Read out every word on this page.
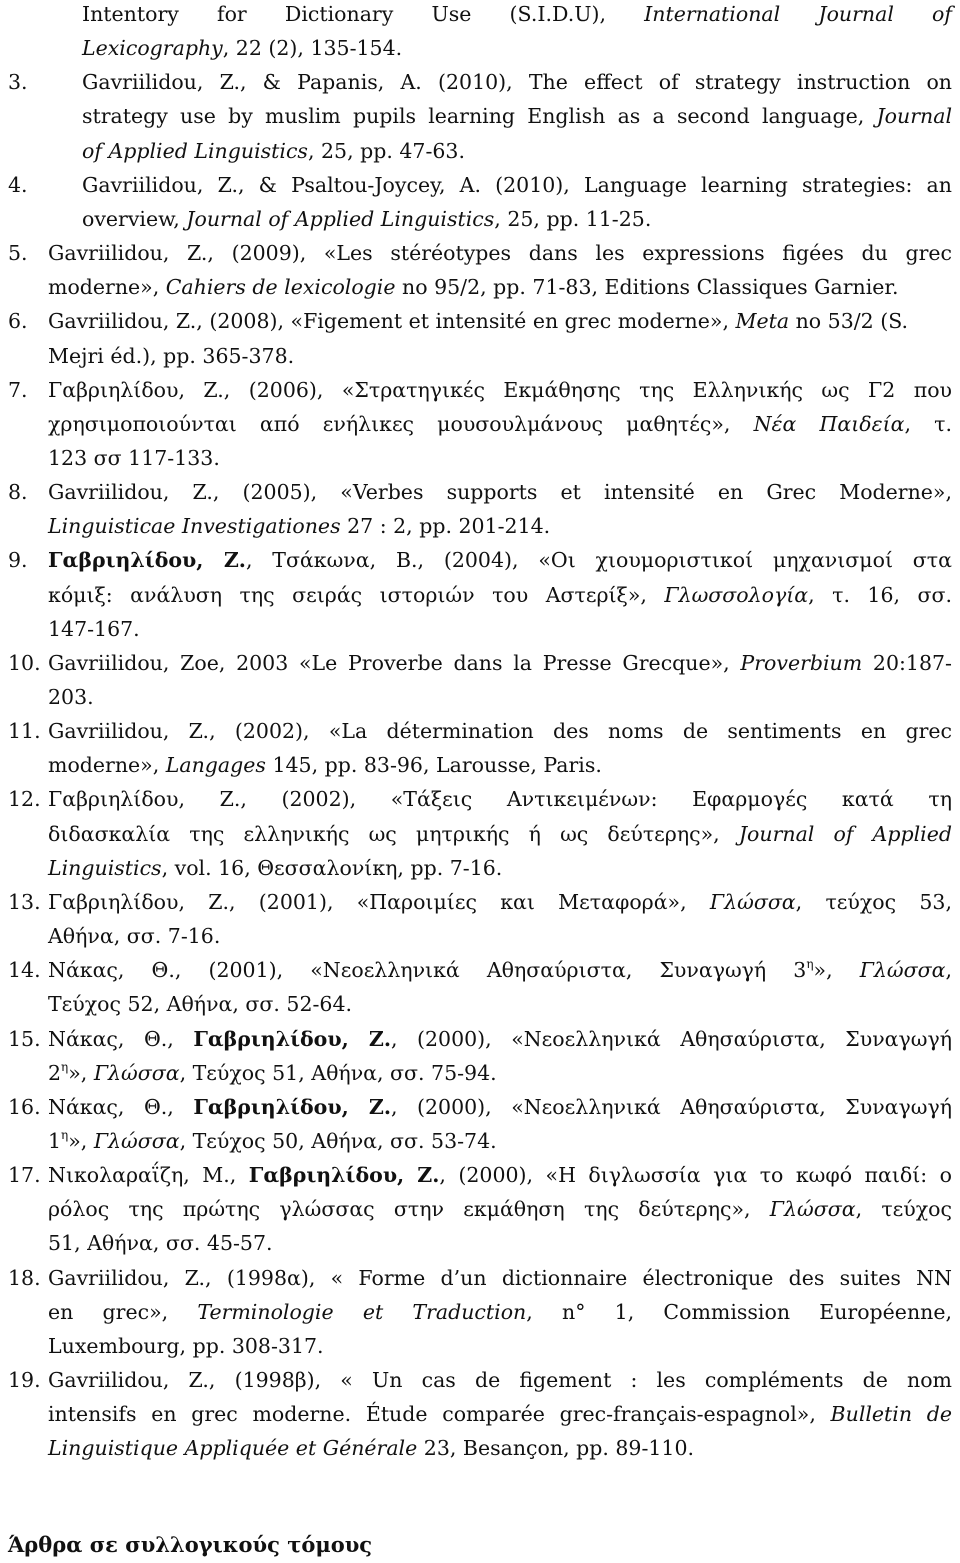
Intentory for Dictionary Use (S.I.D.U), International Journal of
Lexicography, 22 (2), 135-154.
3.	Gavriilidou, Z., & Papanis, A. (2010), The effect of strategy instruction on
strategy use by muslim pupils learning English as a second language, Journal
of Applied Linguistics, 25, pp. 47-63.
4.	Gavriilidou, Z., & Psaltou-Joycey, A. (2010), Language learning strategies: an
overview, Journal of Applied Linguistics, 25, pp. 11-25.
5. Gavriilidou, Z., (2009), «Les stéréotypes dans les expressions figées du grec
moderne», Cahiers de lexicologie no 95/2, pp. 71-83, Editions Classiques Garnier.
6. Gavriilidou, Z., (2008), «Figement et intensité en grec moderne», Meta no 53/2 (S.
Mejri éd.), pp. 365-378.
7. Γαβριηλίδου, Z., (2006), «Στρατηγικές Εκμάθησης της Ελληνικής ως Γ2 που
χρησιμοποιούνται από ενήλικες μουσουλμάνους μαθητές», Νέα Παιδεία, τ.
123 σσ 117-133.
8. Gavriilidou, Z., (2005), «Verbes supports et intensité en Grec Moderne»,
Linguisticae Investigationes 27 : 2, pp. 201-214.
9. Γαβριηλίδου, Ζ., Τσάκωνα, Β., (2004), «Οι χιουμοριστικοί μηχανισμοί στα
κόμιξ: ανάλυση της σειράς ιστοριών του Αστερίξ», Γλωσσολογία, τ. 16, σσ.
147-167.
10. Gavriilidou, Zoe, 2003 «Le Proverbe dans la Presse Grecque», Proverbium 20:187-
203.
11. Gavriilidou, Z., (2002), «La détermination des noms de sentiments en grec
moderne», Langages 145, pp. 83-96, Larousse, Paris.
12. Γαβριηλίδου, Ζ., (2002), «Τάξεις Αντικειμένων: Εφαρμογές κατά τη
διδασκαλία της ελληνικής ως μητρικής ή ως δεύτερης», Journal of Applied
Linguistics, vol. 16, Θεσσαλονίκη, pp. 7-16.
13. Γαβριηλίδου, Ζ., (2001), «Παροιμίες και Μεταφορά», Γλώσσα, τεύχος 53,
Αθήνα, σσ. 7-16.
14. Νάκας, Θ., (2001), «Νεοελληνικά Αθησαύριστα, Συναγωγή $3^\eta$», Γλώσσα,
Τεύχος 52, Αθήνα, σσ. 52-64.
15. Νάκας, Θ., Γαβριηλίδου, Ζ., (2000), «Νεοελληνικά Αθησαύριστα, Συναγωγή
$2^\eta$», Γλώσσα, Τεύχος 51, Αθήνα, σσ. 75-94.
16. Νάκας, Θ., Γαβριηλίδου, Ζ., (2000), «Νεοελληνικά Αθησαύριστα, Συναγωγή
$1^\eta$», Γλώσσα, Τεύχος 50, Αθήνα, σσ. 53-74.
17. Νικολαραΐζη, Μ., Γαβριηλίδου, Ζ., (2000), «Η διγλωσσία για το κωφό παιδί: ο
ρόλος της πρώτης γλώσσας στην εκμάθηση της δεύτερης», Γλώσσα, τεύχος
51, Αθήνα, σσ. 45-57.
18. Gavriilidou, Z., (1998α), « Forme d’un dictionnaire électronique des suites NN
en grec», Terminologie et Traduction, n° 1, Commission Européenne,
Luxembourg, pp. 308-317.
19. Gavriilidou, Z., (1998β), « Un cas de figement : les compléments de nom
intensifs en grec moderne. Étude comparée grec-français-espagnol», Bulletin de
Linguistique Appliquée et Générale 23, Besançon, pp. 89-110.
Άρθρα σε συλλογικούς τόμους
